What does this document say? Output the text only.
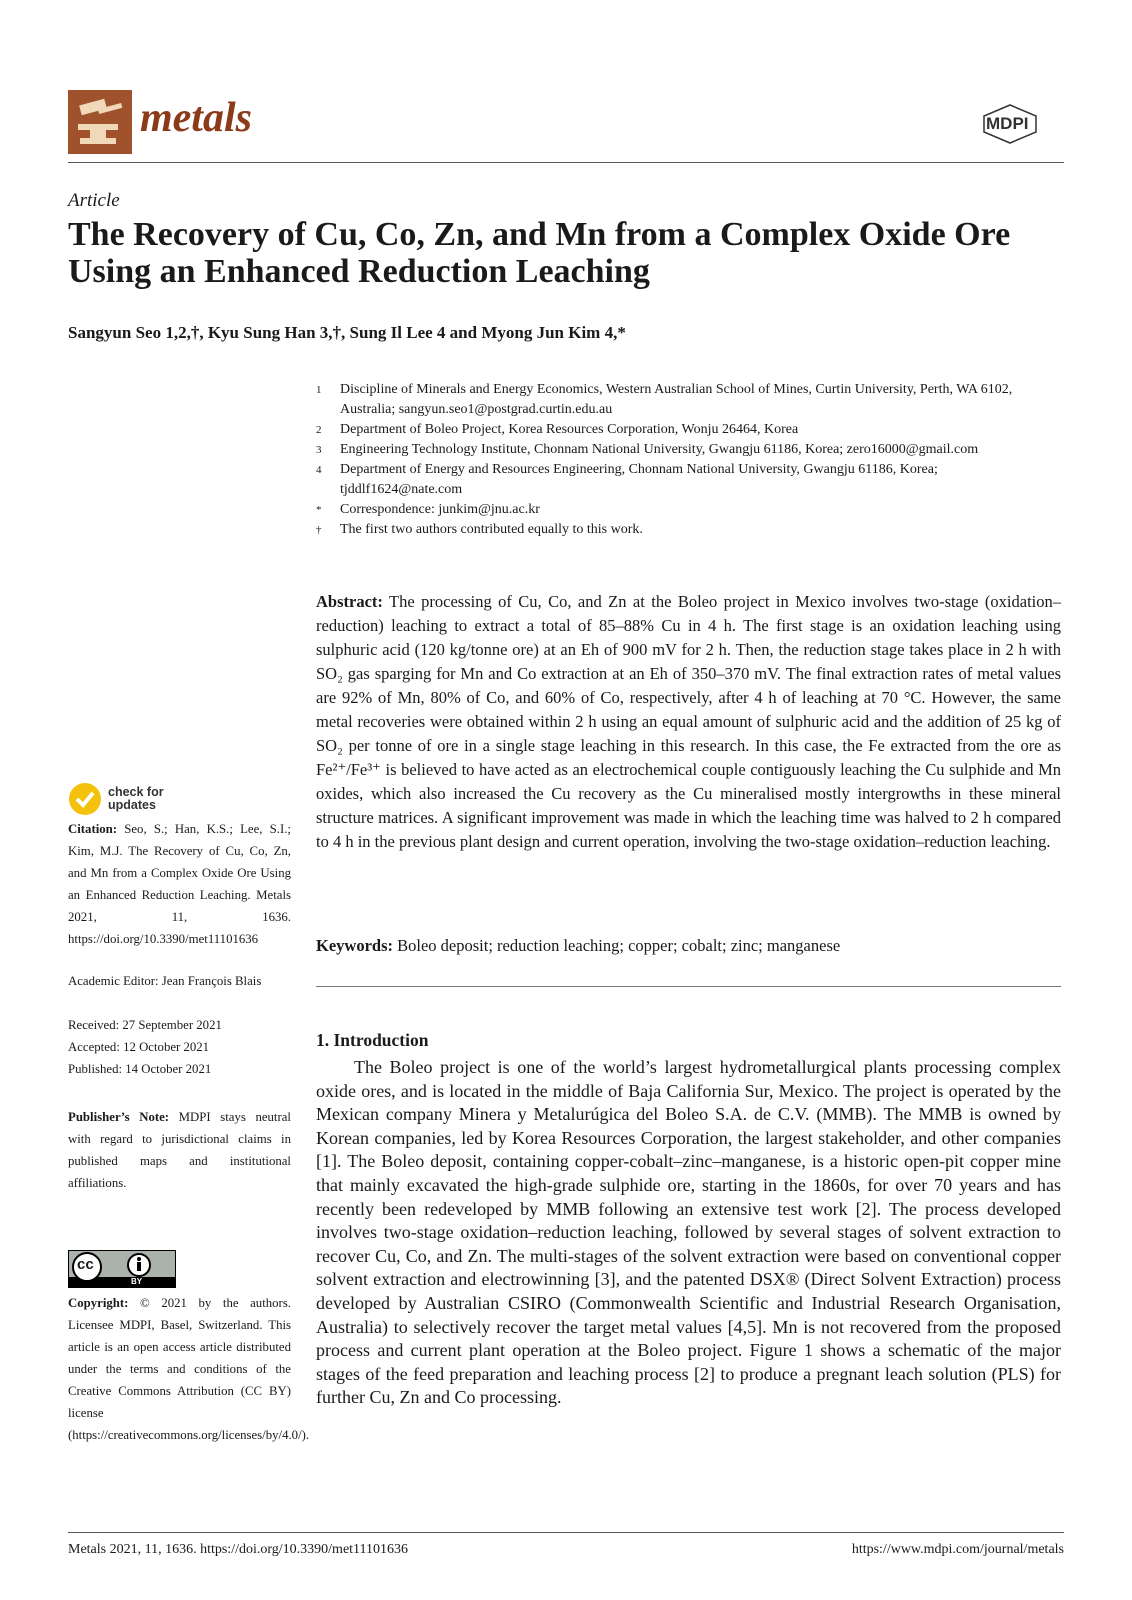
metals	MDPI
Article
The Recovery of Cu, Co, Zn, and Mn from a Complex Oxide Ore Using an Enhanced Reduction Leaching
Sangyun Seo 1,2,†, Kyu Sung Han 3,†, Sung Il Lee 4 and Myong Jun Kim 4,*
1	Discipline of Minerals and Energy Economics, Western Australian School of Mines, Curtin University, Perth, WA 6102, Australia; sangyun.seo1@postgrad.curtin.edu.au
2	Department of Boleo Project, Korea Resources Corporation, Wonju 26464, Korea
3	Engineering Technology Institute, Chonnam National University, Gwangju 61186, Korea; zero16000@gmail.com
4	Department of Energy and Resources Engineering, Chonnam National University, Gwangju 61186, Korea; tjddlf1624@nate.com
*	Correspondence: junkim@jnu.ac.kr
†	The first two authors contributed equally to this work.
Abstract: The processing of Cu, Co, and Zn at the Boleo project in Mexico involves two-stage (oxidation–reduction) leaching to extract a total of 85–88% Cu in 4 h. The first stage is an oxidation leaching using sulphuric acid (120 kg/tonne ore) at an Eh of 900 mV for 2 h. Then, the reduction stage takes place in 2 h with SO₂ gas sparging for Mn and Co extraction at an Eh of 350–370 mV. The final extraction rates of metal values are 92% of Mn, 80% of Co, and 60% of Co, respectively, after 4 h of leaching at 70 °C. However, the same metal recoveries were obtained within 2 h using an equal amount of sulphuric acid and the addition of 25 kg of SO₂ per tonne of ore in a single stage leaching in this research. In this case, the Fe extracted from the ore as Fe²⁺/Fe³⁺ is believed to have acted as an electrochemical couple contiguously leaching the Cu sulphide and Mn oxides, which also increased the Cu recovery as the Cu mineralised mostly intergrowths in these mineral structure matrices. A significant improvement was made in which the leaching time was halved to 2 h compared to 4 h in the previous plant design and current operation, involving the two-stage oxidation–reduction leaching.
Keywords: Boleo deposit; reduction leaching; copper; cobalt; zinc; manganese
1. Introduction
The Boleo project is one of the world’s largest hydrometallurgical plants processing complex oxide ores, and is located in the middle of Baja California Sur, Mexico. The project is operated by the Mexican company Minera y Metalurúgica del Boleo S.A. de C.V. (MMB). The MMB is owned by Korean companies, led by Korea Resources Corporation, the largest stakeholder, and other companies [1]. The Boleo deposit, containing copper-cobalt–zinc–manganese, is a historic open-pit copper mine that mainly excavated the high-grade sulphide ore, starting in the 1860s, for over 70 years and has recently been redeveloped by MMB following an extensive test work [2]. The process developed involves two-stage oxidation–reduction leaching, followed by several stages of solvent extraction to recover Cu, Co, and Zn. The multi-stages of the solvent extraction were based on conventional copper solvent extraction and electrowinning [3], and the patented DSX® (Direct Solvent Extraction) process developed by Australian CSIRO (Commonwealth Scientific and Industrial Research Organisation, Australia) to selectively recover the target metal values [4,5]. Mn is not recovered from the proposed process and current plant operation at the Boleo project. Figure 1 shows a schematic of the major stages of the feed preparation and leaching process [2] to produce a pregnant leach solution (PLS) for further Cu, Zn and Co processing.
check for updates
Citation: Seo, S.; Han, K.S.; Lee, S.I.; Kim, M.J. The Recovery of Cu, Co, Zn, and Mn from a Complex Oxide Ore Using an Enhanced Reduction Leaching. Metals 2021, 11, 1636. https://doi.org/10.3390/met11101636
Academic Editor: Jean François Blais
Received: 27 September 2021
Accepted: 12 October 2021
Published: 14 October 2021
Publisher’s Note: MDPI stays neutral with regard to jurisdictional claims in published maps and institutional affiliations.
BY
cc
Copyright: © 2021 by the authors. Licensee MDPI, Basel, Switzerland. This article is an open access article distributed under the terms and conditions of the Creative Commons Attribution (CC BY) license (https://creativecommons.org/licenses/by/4.0/).
Metals 2021, 11, 1636. https://doi.org/10.3390/met11101636	https://www.mdpi.com/journal/metals
